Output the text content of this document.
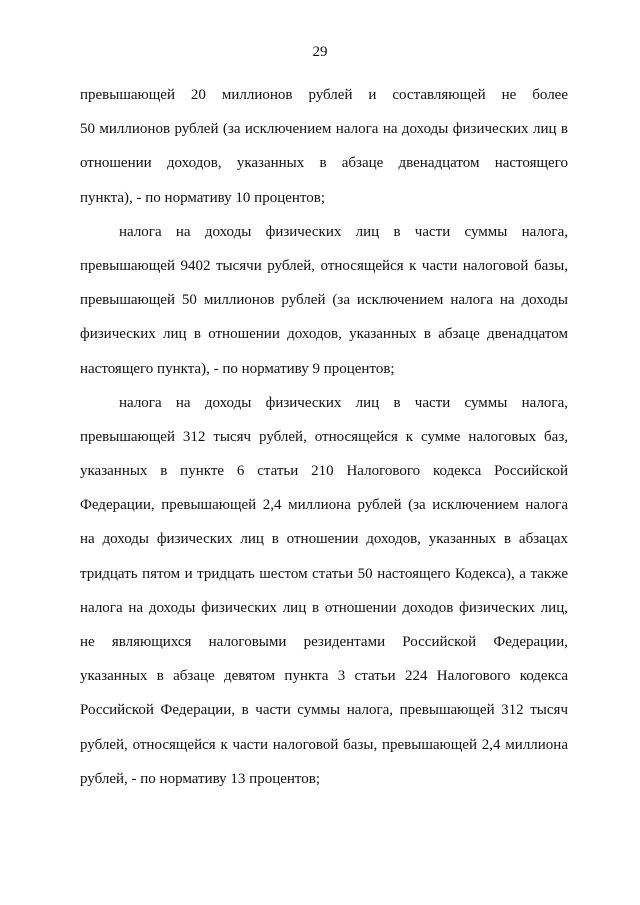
29

превышающей 20 миллионов рублей и составляющей не более
50 миллионов рублей (за исключением налога на доходы физических лиц в
отношении доходов, указанных в абзаце двенадцатом настоящего
пункта), - по нормативу 10 процентов;

налога на доходы физических лиц в части суммы налога,
превышающей 9402 тысячи рублей, относящейся к части налоговой базы,
превышающей 50 миллионов рублей (за исключением налога на доходы
физических лиц в отношении доходов, указанных в абзаце двенадцатом
настоящего пункта), - по нормативу 9 процентов;

налога на доходы физических лиц в части суммы налога,
превышающей 312 тысяч рублей, относящейся к сумме налоговых баз,
указанных в пункте 6 статьи 210 Налогового кодекса Российской
Федерации, превышающей 2,4 миллиона рублей (за исключением налога
на доходы физических лиц в отношении доходов, указанных в абзацах
тридцать пятом и тридцать шестом статьи 50 настоящего Кодекса), а также
налога на доходы физических лиц в отношении доходов физических лиц,
не являющихся налоговыми резидентами Российской Федерации,
указанных в абзаце девятом пункта 3 статьи 224 Налогового кодекса
Российской Федерации, в части суммы налога, превышающей 312 тысяч
рублей, относящейся к части налоговой базы, превышающей 2,4 миллиона
рублей, - по нормативу 13 процентов;
